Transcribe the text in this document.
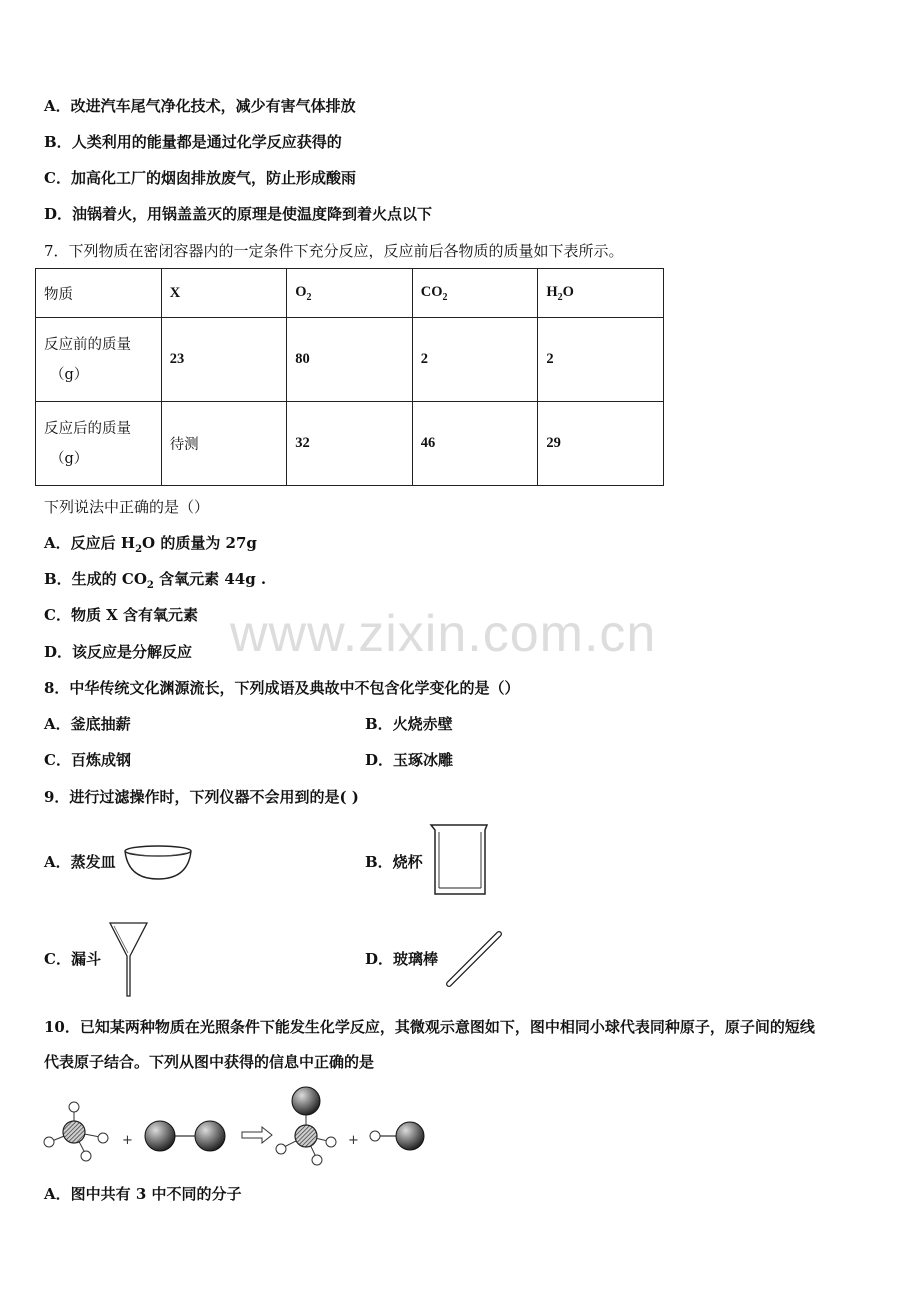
A．改进汽车尾气净化技术，减少有害气体排放
B．人类利用的能量都是通过化学反应获得的
C．加高化工厂的烟囱排放废气，防止形成酸雨
D．油锅着火，用锅盖盖灭的原理是使温度降到着火点以下
7．下列物质在密闭容器内的一定条件下充分反应，反应前后各物质的质量如下表所示。
物质	X	$O_2$	$CO_2$	$H_2O$

反应前的质量
（g）	23	80	2	2

反应后的质量
（g）	待测	32	46	29
下列说法中正确的是（）
A．反应后 $H_2O$ 的质量为 27g
B．生成的 $CO_2$ 含氧元素 44g .
C．物质 X 含有氧元素
D．该反应是分解反应 www.zixin.com.cn
8．中华传统文化渊源流长，下列成语及典故中不包含化学变化的是（）
A．釜底抽薪	B．火烧赤壁
C．百炼成钢	D．玉琢冰雕
9．进行过滤操作时，下列仪器不会用到的是( )
A．蒸发皿	B．烧杯
C．漏斗	D．玻璃棒
10．已知某两种物质在光照条件下能发生化学反应，其微观示意图如下，图中相同小球代表同种原子，原子间的短线
代表原子结合。下列从图中获得的信息中正确的是
+	+
A．图中共有 3 中不同的分子
